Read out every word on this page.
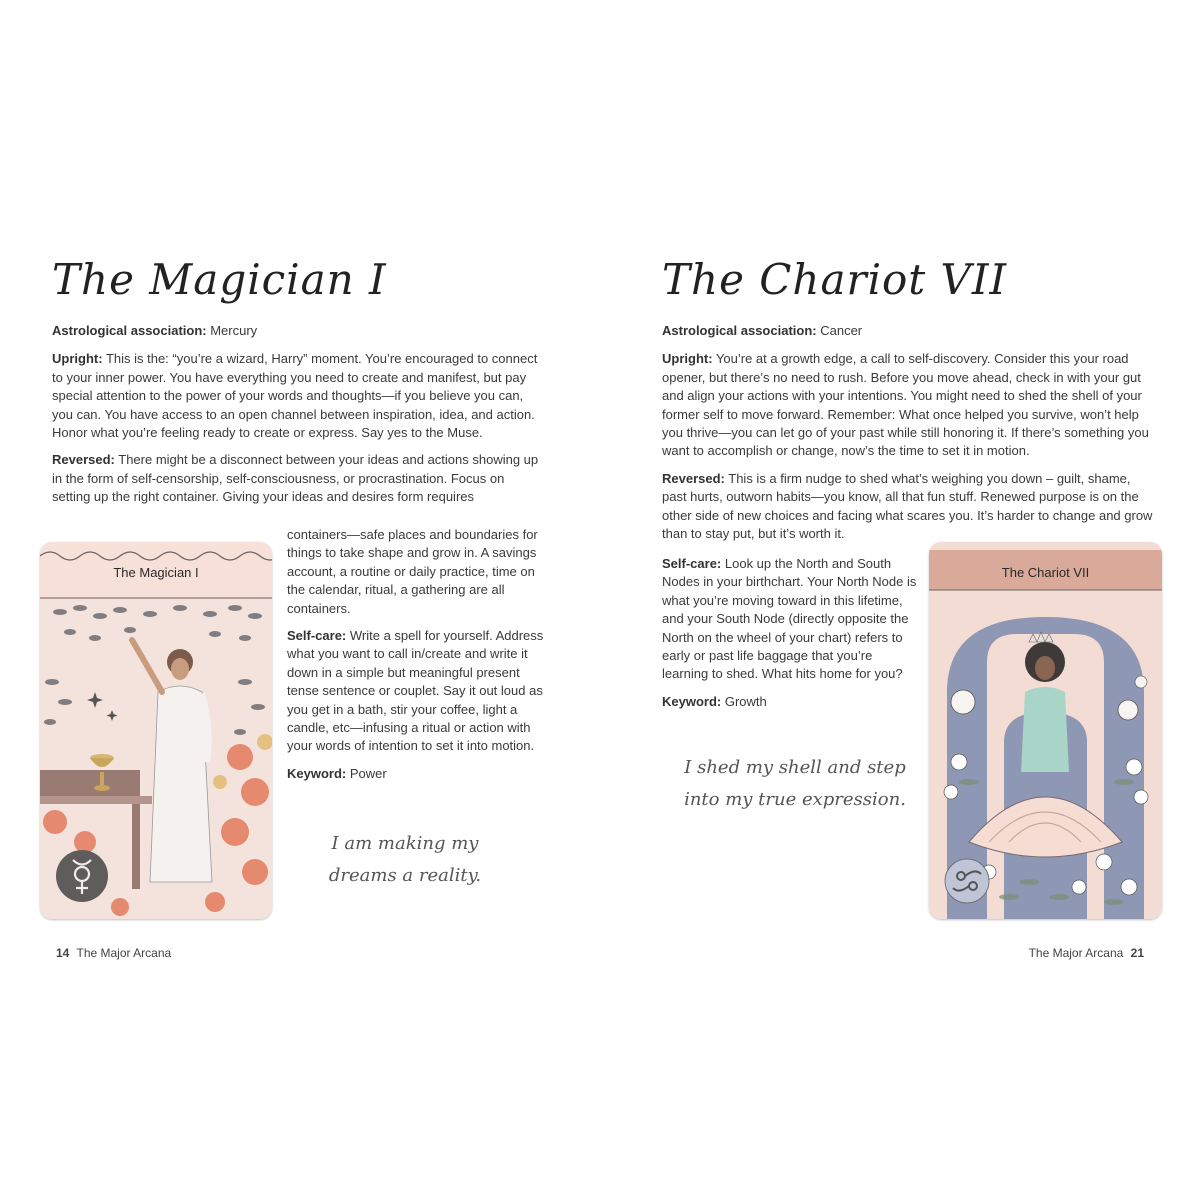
The Magician I

Astrological association: Mercury

Upright: This is the: “you’re a wizard, Harry” moment. You’re encouraged to connect to your inner power. You have everything you need to create and manifest, but pay special attention to the power of your words and thoughts—if you believe you can, you can. You have access to an open channel between inspiration, idea, and action. Honor what you’re feeling ready to create or express. Say yes to the Muse.

Reversed: There might be a disconnect between your ideas and actions showing up in the form of self-censorship, self-consciousness, or procrastination. Focus on setting up the right container. Giving your ideas and desires form requires

containers—safe places and boundaries for things to take shape and grow in. A savings account, a routine or daily practice, time on the calendar, ritual, a gathering are all containers.

Self-care: Write a spell for yourself. Address what you want to call in/create and write it down in a simple but meaningful present tense sentence or couplet. Say it out loud as you get in a bath, stir your coffee, light a candle, etc—infusing a ritual or action with your words of intention to set it into motion.

Keyword: Power

I am making my
dreams a reality.

The Magician I
14 The Major Arcana
The Chariot VII

Astrological association: Cancer

Upright: You’re at a growth edge, a call to self-discovery. Consider this your road opener, but there’s no need to rush. Before you move ahead, check in with your gut and align your actions with your intentions. You might need to shed the shell of your former self to move forward. Remember: What once helped you survive, won’t help you thrive—you can let go of your past while still honoring it. If there’s something you want to accomplish or change, now’s the time to set it in motion.

Reversed: This is a firm nudge to shed what’s weighing you down – guilt, shame, past hurts, outworn habits—you know, all that fun stuff. Renewed purpose is on the other side of new choices and facing what scares you. It’s harder to change and grow than to stay put, but it’s worth it.

Self-care: Look up the North and South Nodes in your birthchart. Your North Node is what you’re moving toward in this lifetime, and your South Node (directly opposite the North on the wheel of your chart) refers to early or past life baggage that you’re learning to shed. What hits home for you?

Keyword: Growth

I shed my shell and step
into my true expression.

The Chariot VII
The Major Arcana 21
